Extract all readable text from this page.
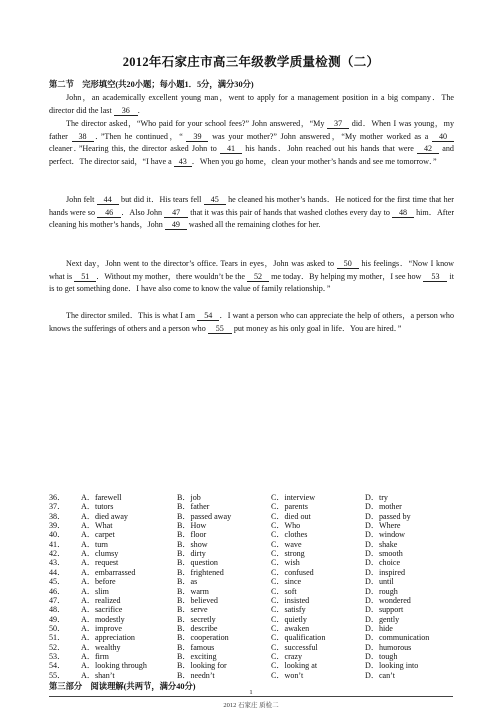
2012年石家庄市高三年级教学质量检测（二）
第二节　完形填空(共20小题；每小题1．5分，满分30分)

John，an academically excellent young man，went to apply for a management position in a big company．The director did the last 36 .

The director asked，“Who paid for your school fees?” John answered，“My 37 did．When I was young，my father 38 ．”Then he continued，“ 39 was your mother?” John answered，“My mother worked as a 40 cleaner．”Hearing this, the director asked John to 41 his hands．John reached out his hands that were 42 and perfect．The director said，“I have a 43 ．When you go home，clean your mother’s hands and see me tomorrow．”

John felt 44 but did it．His tears fell 45 he cleaned his mother’s hands．He noticed for the first time that her hands were so 46 ．Also John 47 that it was this pair of hands that washed clothes every day to 48 him．After cleaning his mother’s hands，John 49 washed all the remaining clothes for her.

Next day，John went to the director’s office. Tears in eyes，John was asked to 50 his feelings．“Now I know what is 51 ．Without my mother，there wouldn’t be the 52 me today．By helping my mother，I see how 53 it is to get something done．I have also come to know the value of family relationship．”

The director smiled．This is what I am 54 ．I want a person who can appreciate the help of others，a person who knows the sufferings of others and a person who 55 put money as his only goal in life．You are hired．”

36． A．farewell	B．job	C．interview	D．try
37． A．tutors	B．father	C．parents	D．mother
38． A．died away	B．passed away	C．died out	D．passed by
39． A．What	B．How	C．Who	D．Where
40． A．carpet	B．floor	C．clothes	D．window
41． A．turn	B．show	C．wave	D．shake
42． A．clumsy	B．dirty	C．strong	D．smooth
43． A．request	B．question	C．wish	D．choice
44． A．embarrassed	B．frightened	C．confused	D．inspired
45． A．before	B．as	C．since	D．until
46． A．slim	B．warm	C．soft	D．rough
47． A．realized	B．believed	C．insisted	D．wondered
48． A．sacrifice	B．serve	C．satisfy	D．support
49． A．modestly	B．secretly	C．quietly	D．gently
50． A．improve	B．describe	C．awaken	D．hide
51． A．appreciation	B．cooperation	C．qualification	D．communication
52． A．wealthy	B．famous	C．successful	D．humorous
53． A．firm	B．exciting	C．crazy	D．tough
54． A．looking through	B．looking for	C．looking at	D．looking into
55． A．shan’t	B．needn’t	C．won’t	D．can’t
1
2012 石家庄 质检二
第三部分　阅读理解(共两节，满分40分)
